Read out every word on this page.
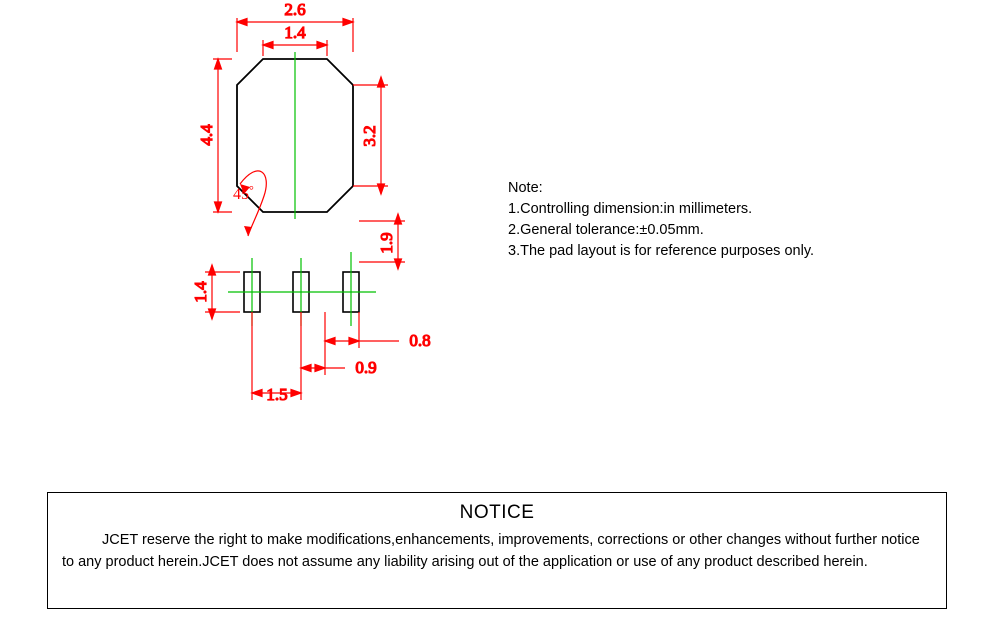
2.6
1.4
4.4	3.2
45°
1.9
1.4
0.8
0.9
1.5
Note:
1.Controlling dimension:in millimeters.
2.General tolerance:±0.05mm.
3.The pad layout is for reference purposes only.
NOTICE
JCET reserve the right to make modifications,enhancements, improvements, corrections or other changes without further notice to any product herein.JCET does not assume any liability arising out of the application or use of any product described herein.
